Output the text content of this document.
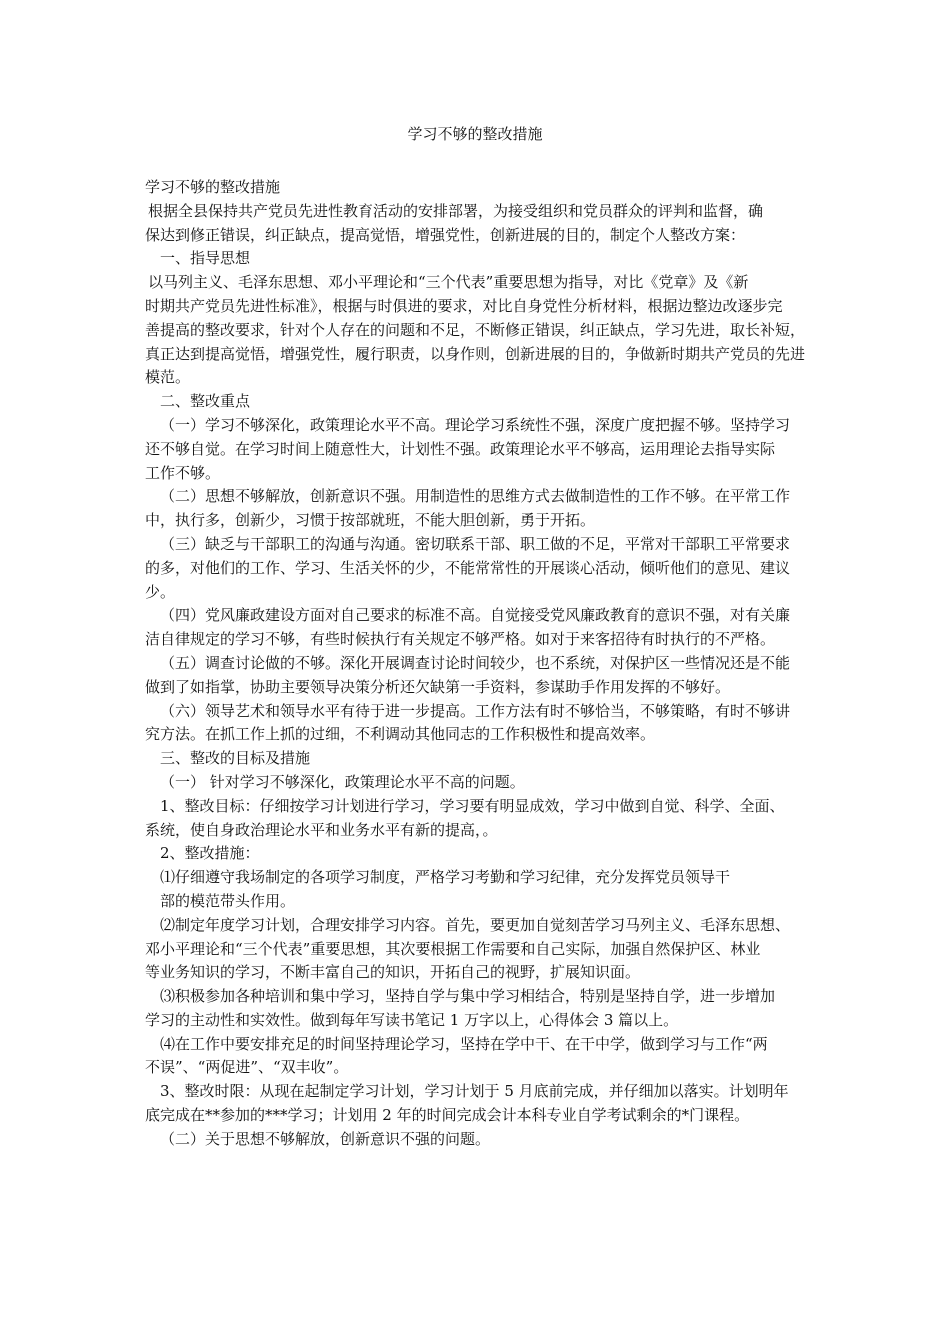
学习不够的整改措施
学习不够的整改措施
根据全县保持共产党员先进性教育活动的安排部署，为接受组织和党员群众的评判和监督，确
保达到修正错误，纠正缺点，提高觉悟，增强党性，创新进展的目的，制定个人整改方案：
一、指导思想
以马列主义、毛泽东思想、邓小平理论和“三个代表”重要思想为指导，对比《党章》及《新
时期共产党员先进性标准》，根据与时俱进的要求，对比自身党性分析材料，根据边整边改逐步完
善提高的整改要求，针对个人存在的问题和不足，不断修正错误，纠正缺点，学习先进，取长补短，
真正达到提高觉悟，增强党性，履行职责，以身作则，创新进展的目的，争做新时期共产党员的先进
模范。
二、整改重点
（一）学习不够深化，政策理论水平不高。理论学习系统性不强，深度广度把握不够。坚持学习
还不够自觉。在学习时间上随意性大，计划性不强。政策理论水平不够高，运用理论去指导实际
工作不够。
（二）思想不够解放，创新意识不强。用制造性的思维方式去做制造性的工作不够。在平常工作
中，执行多，创新少，习惯于按部就班，不能大胆创新，勇于开拓。
（三）缺乏与干部职工的沟通与沟通。密切联系干部、职工做的不足，平常对干部职工平常要求
的多，对他们的工作、学习、生活关怀的少，不能常常性的开展谈心活动，倾听他们的意见、建议
少。
（四）党风廉政建设方面对自己要求的标准不高。自觉接受党风廉政教育的意识不强，对有关廉
洁自律规定的学习不够，有些时候执行有关规定不够严格。如对于来客招待有时执行的不严格。
（五）调查讨论做的不够。深化开展调查讨论时间较少，也不系统，对保护区一些情况还是不能
做到了如指掌，协助主要领导决策分析还欠缺第一手资料，参谋助手作用发挥的不够好。
（六）领导艺术和领导水平有待于进一步提高。工作方法有时不够恰当，不够策略，有时不够讲
究方法。在抓工作上抓的过细，不利调动其他同志的工作积极性和提高效率。
三、整改的目标及措施
（一） 针对学习不够深化，政策理论水平不高的问题。
1、整改目标：仔细按学习计划进行学习，学习要有明显成效，学习中做到自觉、科学、全面、
系统，使自身政治理论水平和业务水平有新的提高，。
2、整改措施：
⑴仔细遵守我场制定的各项学习制度，严格学习考勤和学习纪律，充分发挥党员领导干
部的模范带头作用。
⑵制定年度学习计划，合理安排学习内容。首先，要更加自觉刻苦学习马列主义、毛泽东思想、
邓小平理论和“三个代表”重要思想，其次要根据工作需要和自己实际，加强自然保护区、林业
等业务知识的学习，不断丰富自己的知识，开拓自己的视野，扩展知识面。
⑶积极参加各种培训和集中学习，坚持自学与集中学习相结合，特别是坚持自学，进一步增加
学习的主动性和实效性。做到每年写读书笔记 1 万字以上，心得体会 3 篇以上。
⑷在工作中要安排充足的时间坚持理论学习，坚持在学中干、在干中学，做到学习与工作“两
不误”、“两促进”、“双丰收”。
3、整改时限：从现在起制定学习计划，学习计划于 5 月底前完成，并仔细加以落实。计划明年
底完成在**参加的***学习；计划用 2 年的时间完成会计本科专业自学考试剩余的*门课程。
（二）关于思想不够解放，创新意识不强的问题。
